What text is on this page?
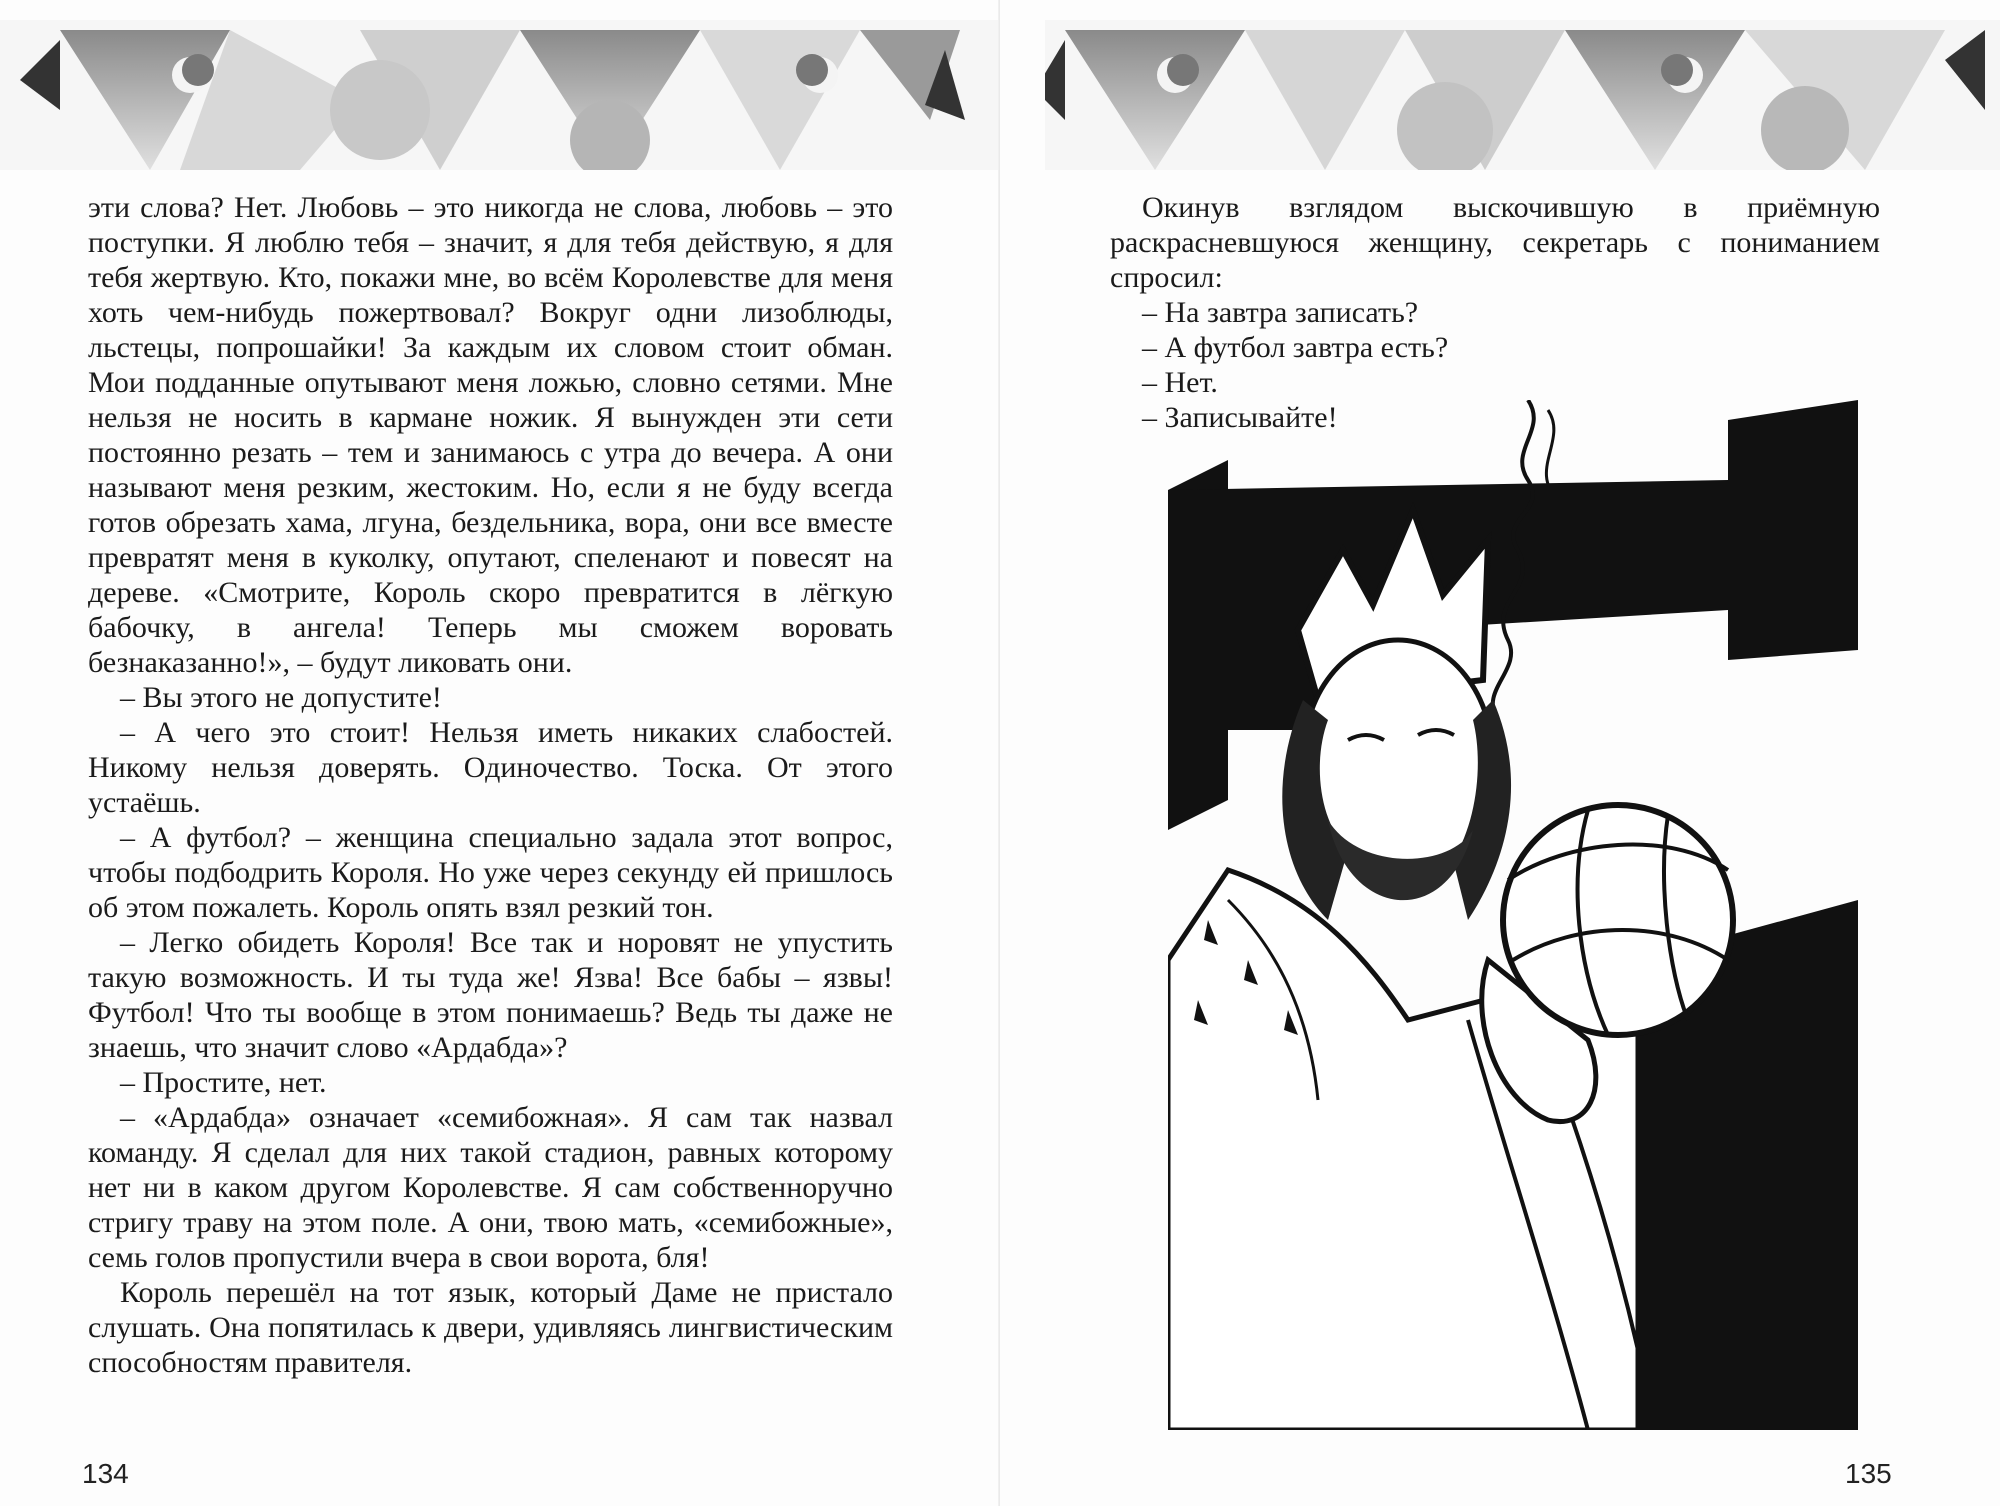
эти слова? Нет. Любовь – это никогда не слова, любовь – это поступки. Я люблю тебя – значит, я для тебя действую, я для тебя жертвую. Кто, покажи мне, во всём Королевстве для меня хоть чем-нибудь пожертвовал? Вокруг одни лизоблюды, льстецы, попрошайки! За каждым их словом стоит обман. Мои подданные опутывают меня ложью, словно сетями. Мне нельзя не носить в кармане ножик. Я вынужден эти сети постоянно резать – тем и занимаюсь с утра до вечера. А они называют меня резким, жестоким. Но, если я не буду всегда готов обрезать хама, лгуна, бездельника, вора, они все вместе превратят меня в куколку, опутают, спеленают и повесят на дереве. «Смотрите, Король скоро превратится в лёгкую бабочку, в ангела! Теперь мы сможем воровать безнаказанно!», – будут ликовать они.

– Вы этого не допустите!

– А чего это стоит! Нельзя иметь никаких слабостей. Никому нельзя доверять. Одиночество. Тоска. От этого устаёшь.

– А футбол? – женщина специально задала этот вопрос, чтобы подбодрить Короля. Но уже через секунду ей пришлось об этом пожалеть. Король опять взял резкий тон.

– Легко обидеть Короля! Все так и норовят не упустить такую возможность. И ты туда же! Язва! Все бабы – язвы! Футбол! Что ты вообще в этом понимаешь? Ведь ты даже не знаешь, что значит слово «Ардабда»?

– Простите, нет.

– «Ардабда» означает «семибожная». Я сам так назвал команду. Я сделал для них такой стадион, равных которому нет ни в каком другом Королевстве. Я сам собственноручно стригу траву на этом поле. А они, твою мать, «семибожные», семь голов пропустили вчера в свои ворота, бля!

Король перешёл на тот язык, который Даме не пристало слушать. Она попятилась к двери, удивляясь лингвистическим способностям правителя.

134

Окинув взглядом выскочившую в приёмную раскрасневшуюся женщину, секретарь с пониманием спросил:

– На завтра записать?

– А футбол завтра есть?

– Нет.

– Записывайте!

135
